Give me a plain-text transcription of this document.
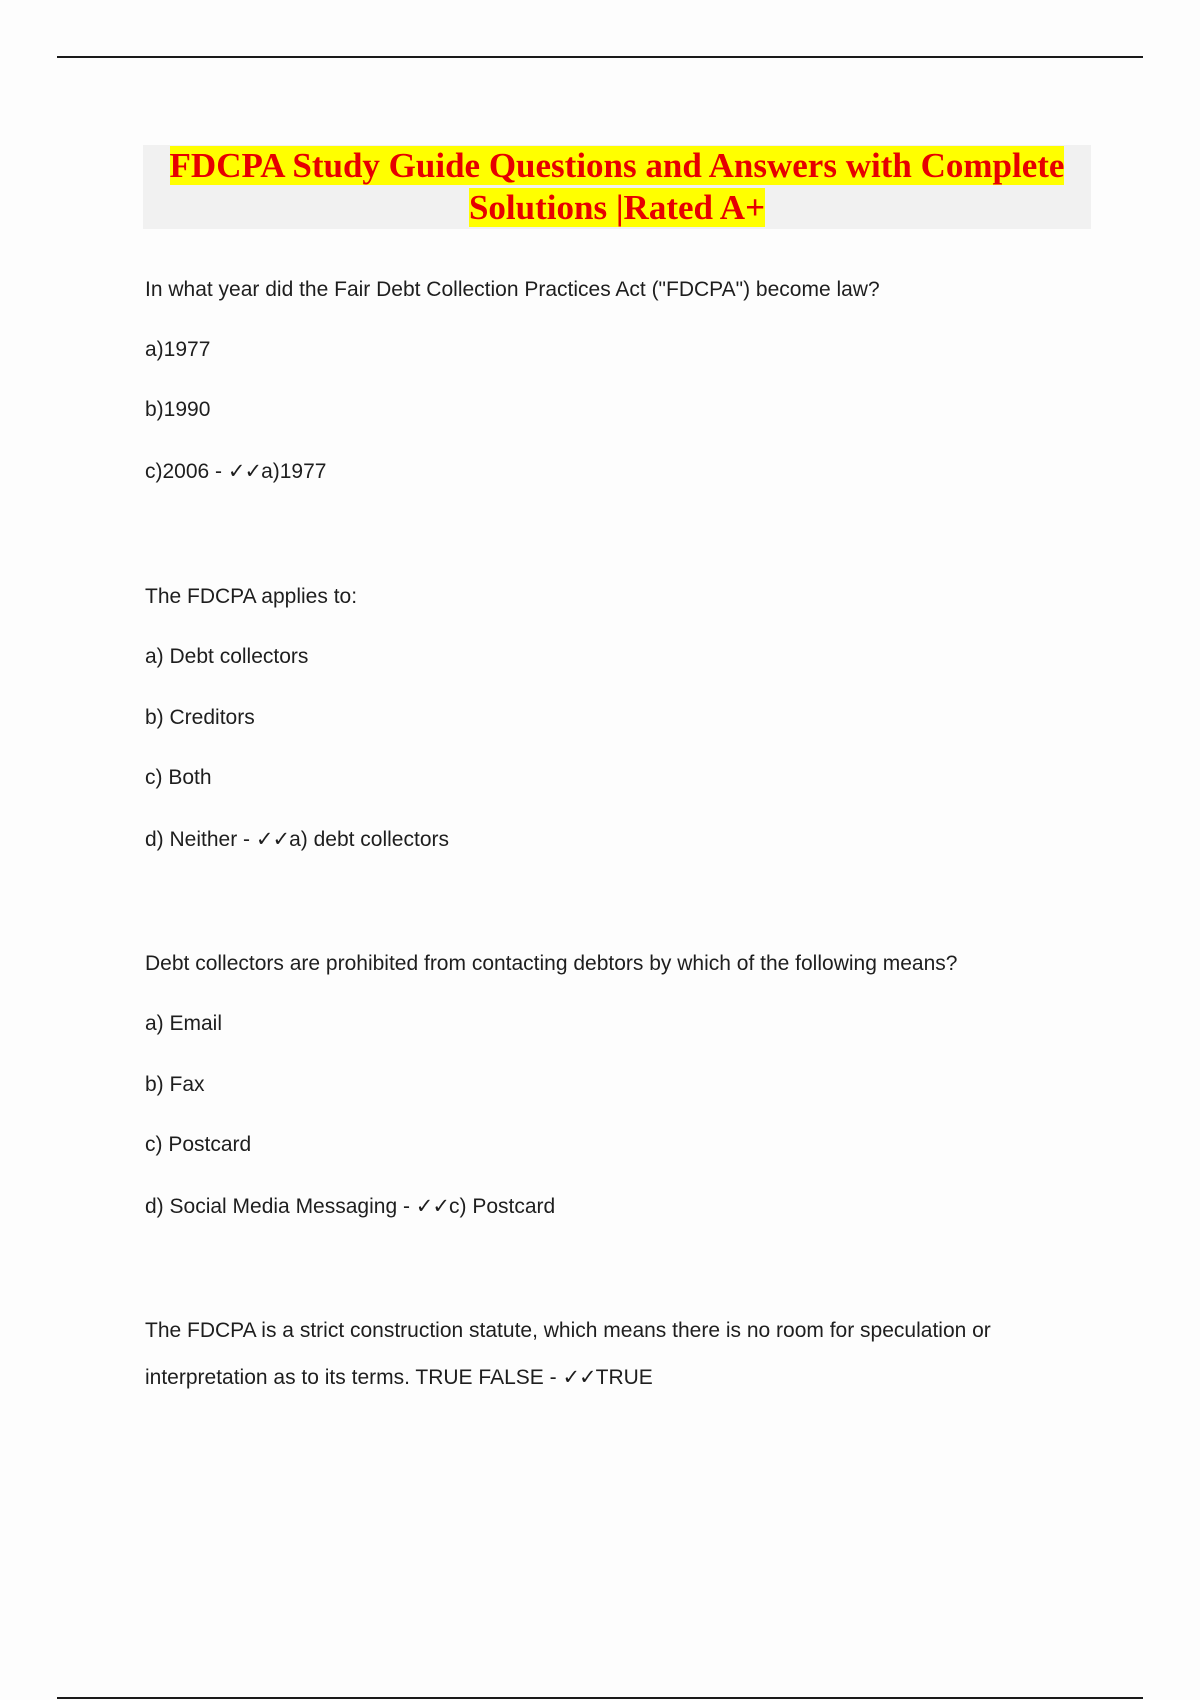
FDCPA Study Guide Questions and Answers with Complete
Solutions |Rated A+
In what year did the Fair Debt Collection Practices Act ("FDCPA") become law?
a)1977
b)1990
c)2006 - ✓✓a)1977
The FDCPA applies to:
a) Debt collectors
b) Creditors
c) Both
d) Neither - ✓✓a) debt collectors
Debt collectors are prohibited from contacting debtors by which of the following means?
a) Email
b) Fax
c) Postcard
d) Social Media Messaging - ✓✓c) Postcard
The FDCPA is a strict construction statute, which means there is no room for speculation or
interpretation as to its terms. TRUE FALSE - ✓✓TRUE
